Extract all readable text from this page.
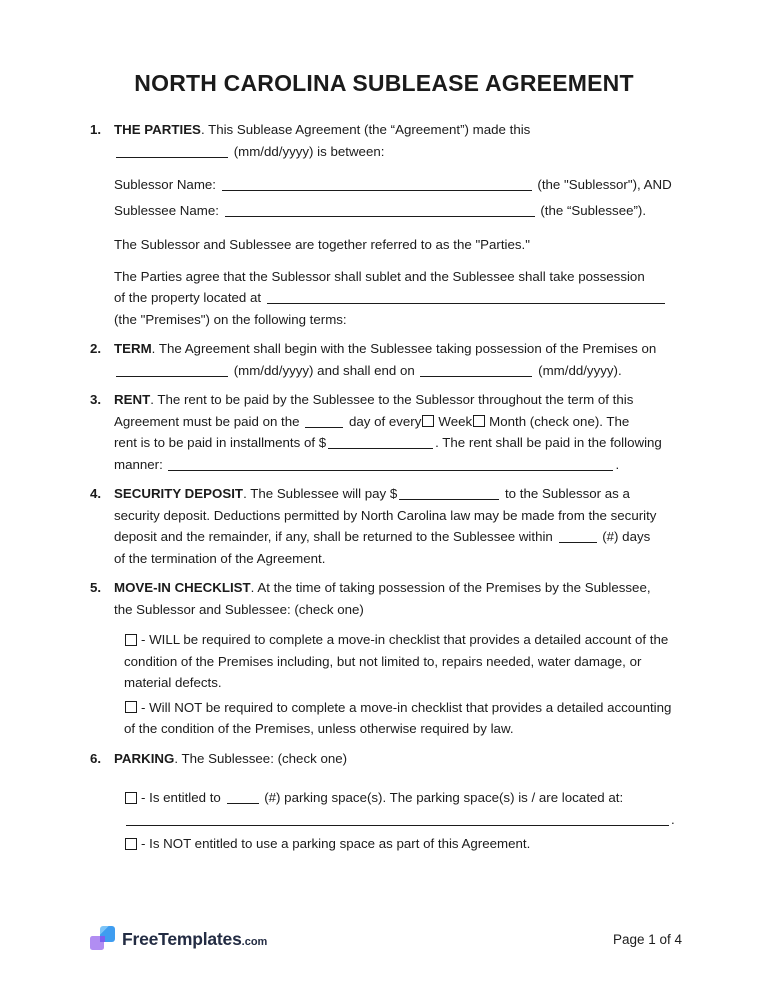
NORTH CAROLINA SUBLEASE AGREEMENT
1. THE PARTIES. This Sublease Agreement (the “Agreement”) made this
(mm/dd/yyyy) is between:
Sublessor Name:	(the "Sublessor"), AND
Sublessee Name:	(the “Sublessee”).
The Sublessor and Sublessee are together referred to as the "Parties."
The Parties agree that the Sublessor shall sublet and the Sublessee shall take possession
of the property located at
(the "Premises") on the following terms:
2. TERM. The Agreement shall begin with the Sublessee taking possession of the Premises on
(mm/dd/yyyy) and shall end on	(mm/dd/yyyy).
3. RENT. The rent to be paid by the Sublessee to the Sublessor throughout the term of this
Agreement must be paid on the	day of every Week Month (check one). The
rent is to be paid in installments of $	. The rent shall be paid in the following
manner:	.
4. SECURITY DEPOSIT. The Sublessee will pay $	to the Sublessor as a
security deposit. Deductions permitted by North Carolina law may be made from the security
deposit and the remainder, if any, shall be returned to the Sublessee within	(#) days
of the termination of the Agreement.
5. MOVE-IN CHECKLIST. At the time of taking possession of the Premises by the Sublessee,
the Sublessor and Sublessee: (check one)
- WILL be required to complete a move-in checklist that provides a detailed account of the condition of the Premises including, but not limited to, repairs needed, water damage, or material defects.
- Will NOT be required to complete a move-in checklist that provides a detailed accounting of the condition of the Premises, unless otherwise required by law.
6. PARKING. The Sublessee: (check one)
- Is entitled to	(#) parking space(s). The parking space(s) is / are located at:
.
- Is NOT entitled to use a parking space as part of this Agreement.
FreeTemplates.com	Page 1 of 4
